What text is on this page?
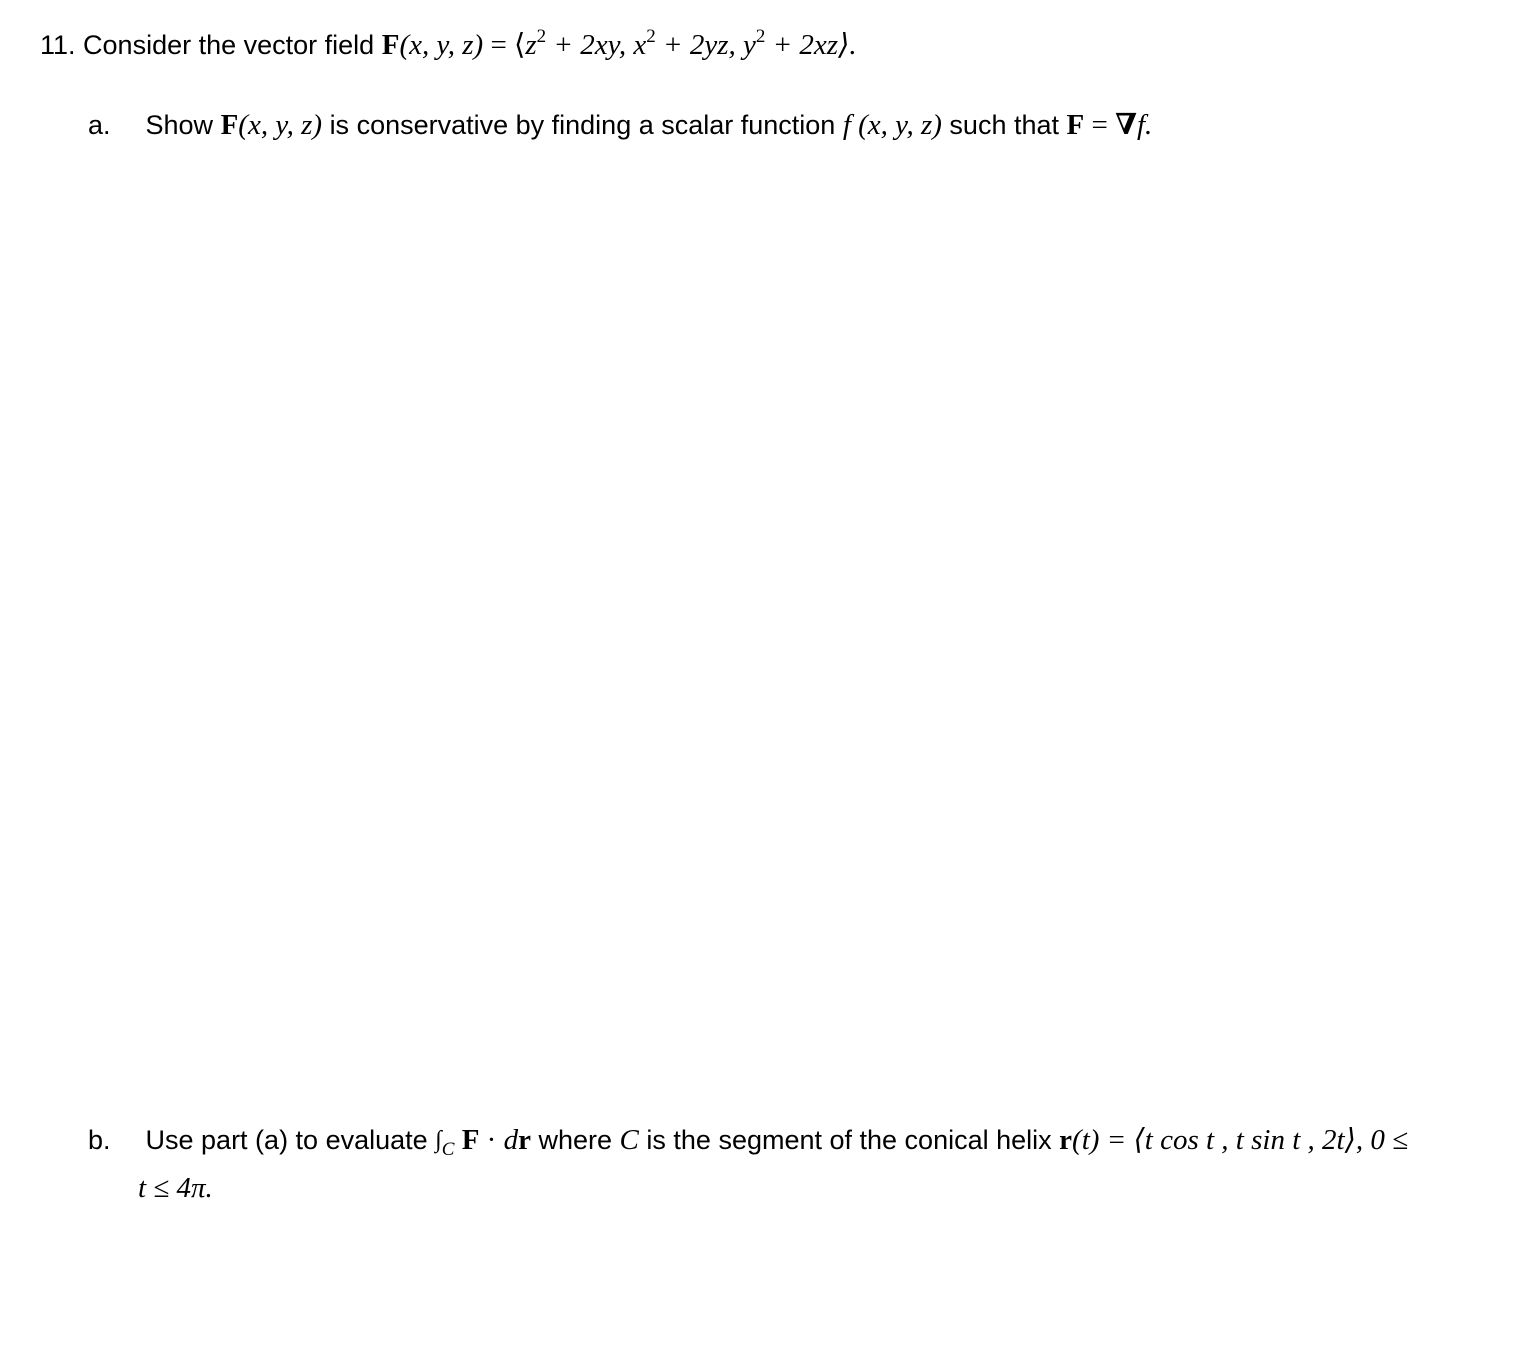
11. Consider the vector field F(x, y, $z) = ⟨z^2 + 2xy$, $x^2 + 2yz$, $y^2$ + 2xz⟩.
a. Show F(x, y, z) is conservative by finding a scalar function f (x, y, z) such that F = ∇f.
b. Use part (a) to evaluate $\int_C$ F · dr where C is the segment of the conical helix r(t) = ⟨t cos t , t sin t , 2t⟩, 0 ≤
t ≤ 4π.
